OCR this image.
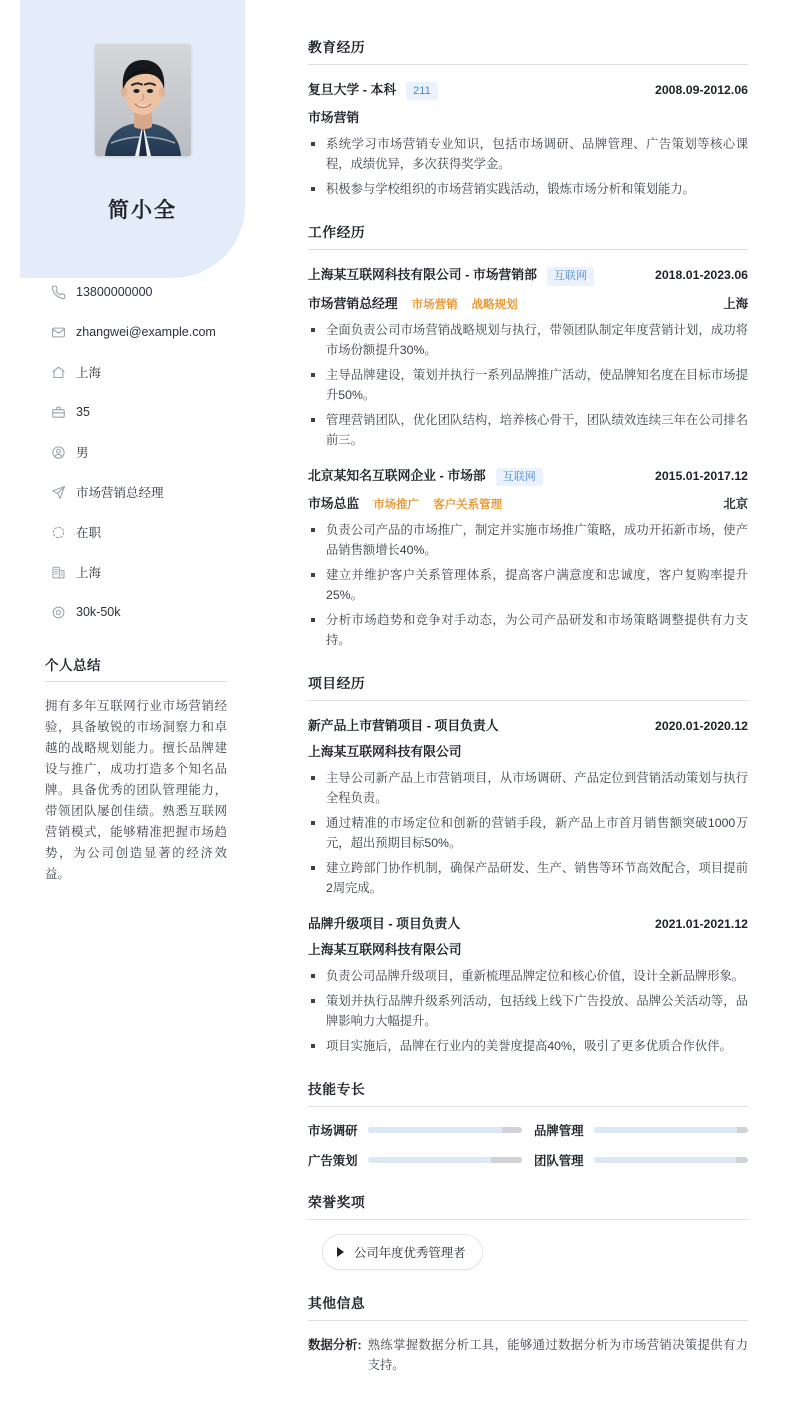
简小全
13800000000
zhangwei@example.com
上海
35
男
市场营销总经理
在职
上海
30k-50k
个人总结
拥有多年互联网行业市场营销经验，具备敏锐的市场洞察力和卓越的战略规划能力。擅长品牌建设与推广，成功打造多个知名品牌。具备优秀的团队管理能力，带领团队屡创佳绩。熟悉互联网营销模式，能够精准把握市场趋势，为公司创造显著的经济效益。
教育经历
复旦大学 - 本科	211	2008.09-2012.06
市场营销
系统学习市场营销专业知识，包括市场调研、品牌管理、广告策划等核心课程，成绩优异，多次获得奖学金。
积极参与学校组织的市场营销实践活动，锻炼市场分析和策划能力。
工作经历
上海某互联网科技有限公司 - 市场营销部	互联网	2018.01-2023.06
市场营销总经理 市场营销 战略规划	上海
全面负责公司市场营销战略规划与执行，带领团队制定年度营销计划，成功将市场份额提升30%。
主导品牌建设，策划并执行一系列品牌推广活动，使品牌知名度在目标市场提升50%。
管理营销团队，优化团队结构，培养核心骨干，团队绩效连续三年在公司排名前三。
北京某知名互联网企业 - 市场部	互联网	2015.01-2017.12
市场总监 市场推广 客户关系管理	北京
负责公司产品的市场推广，制定并实施市场推广策略，成功开拓新市场，使产品销售额增长40%。
建立并维护客户关系管理体系，提高客户满意度和忠诚度，客户复购率提升25%。
分析市场趋势和竞争对手动态，为公司产品研发和市场策略调整提供有力支持。
项目经历
新产品上市营销项目 - 项目负责人	2020.01-2020.12
上海某互联网科技有限公司
主导公司新产品上市营销项目，从市场调研、产品定位到营销活动策划与执行全程负责。
通过精准的市场定位和创新的营销手段，新产品上市首月销售额突破1000万元，超出预期目标50%。
建立跨部门协作机制，确保产品研发、生产、销售等环节高效配合，项目提前2周完成。
品牌升级项目 - 项目负责人	2021.01-2021.12
上海某互联网科技有限公司
负责公司品牌升级项目，重新梳理品牌定位和核心价值，设计全新品牌形象。
策划并执行品牌升级系列活动，包括线上线下广告投放、品牌公关活动等，品牌影响力大幅提升。
项目实施后，品牌在行业内的美誉度提高40%，吸引了更多优质合作伙伴。
技能专长
市场调研	品牌管理
广告策划	团队管理
荣誉奖项
公司年度优秀管理者
其他信息
数据分析: 熟练掌握数据分析工具，能够通过数据分析为市场营销决策提供有力支持。
